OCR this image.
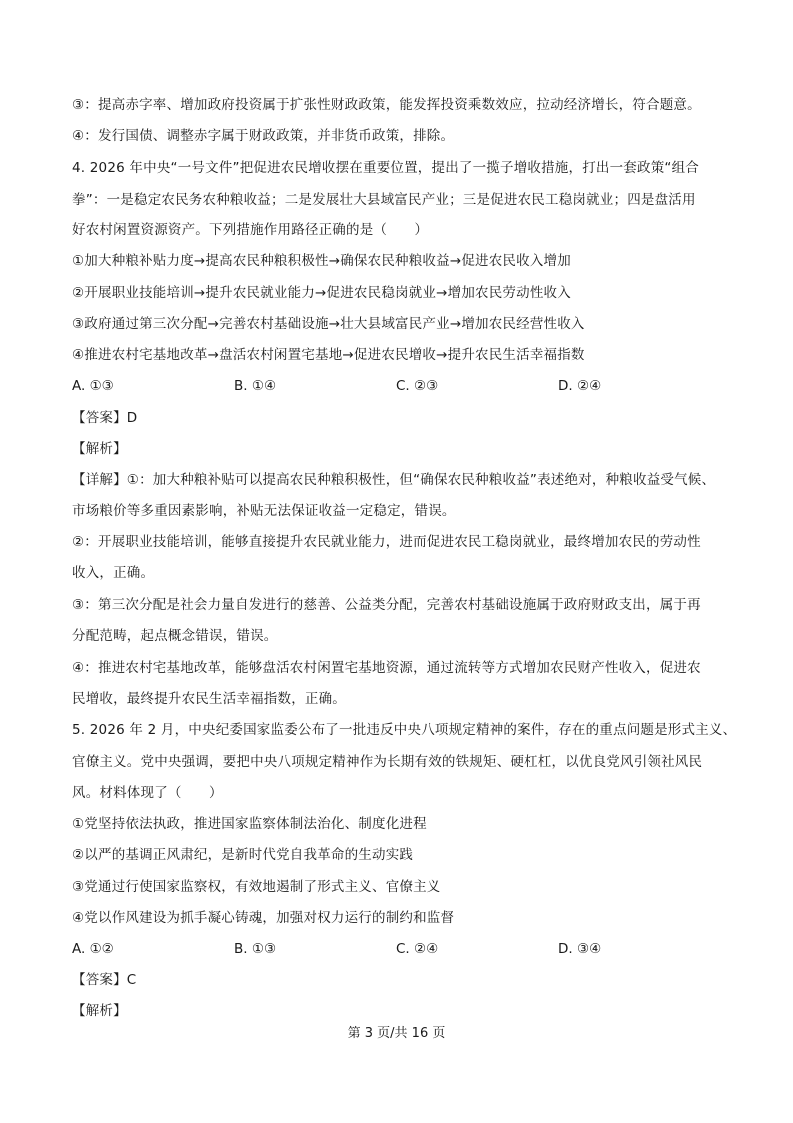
③：提高赤字率、增加政府投资属于扩张性财政政策，能发挥投资乘数效应，拉动经济增长，符合题意。
④：发行国债、调整赤字属于财政政策，并非货币政策，排除。
4. 2026 年中央“一号文件”把促进农民增收摆在重要位置，提出了一揽子增收措施，打出一套政策“组合
拳”：一是稳定农民务农种粮收益；二是发展壮大县域富民产业；三是促进农民工稳岗就业；四是盘活用
好农村闲置资源资产。下列措施作用路径正确的是（　　）
①加大种粮补贴力度→提高农民种粮积极性→确保农民种粮收益→促进农民收入增加
②开展职业技能培训→提升农民就业能力→促进农民稳岗就业→增加农民劳动性收入
③政府通过第三次分配→完善农村基础设施→壮大县域富民产业→增加农民经营性收入
④推进农村宅基地改革→盘活农村闲置宅基地→促进农民增收→提升农民生活幸福指数
A. ①③	B. ①④	C. ②③	D. ②④
【答案】D
【解析】
【详解】①：加大种粮补贴可以提高农民种粮积极性，但“确保农民种粮收益”表述绝对，种粮收益受气候、
市场粮价等多重因素影响，补贴无法保证收益一定稳定，错误。
②：开展职业技能培训，能够直接提升农民就业能力，进而促进农民工稳岗就业，最终增加农民的劳动性
收入，正确。
③：第三次分配是社会力量自发进行的慈善、公益类分配，完善农村基础设施属于政府财政支出，属于再
分配范畴，起点概念错误，错误。
④：推进农村宅基地改革，能够盘活农村闲置宅基地资源，通过流转等方式增加农民财产性收入，促进农
民增收，最终提升农民生活幸福指数，正确。
5. 2026 年 2 月，中央纪委国家监委公布了一批违反中央八项规定精神的案件，存在的重点问题是形式主义、
官僚主义。党中央强调，要把中央八项规定精神作为长期有效的铁规矩、硬杠杠，以优良党风引领社风民
风。材料体现了（　　）
①党坚持依法执政，推进国家监察体制法治化、制度化进程
②以严的基调正风肃纪，是新时代党自我革命的生动实践
③党通过行使国家监察权，有效地遏制了形式主义、官僚主义
④党以作风建设为抓手凝心铸魂，加强对权力运行的制约和监督
A. ①②	B. ①③	C. ②④	D. ③④
【答案】C
【解析】
第 3 页/共 16 页
